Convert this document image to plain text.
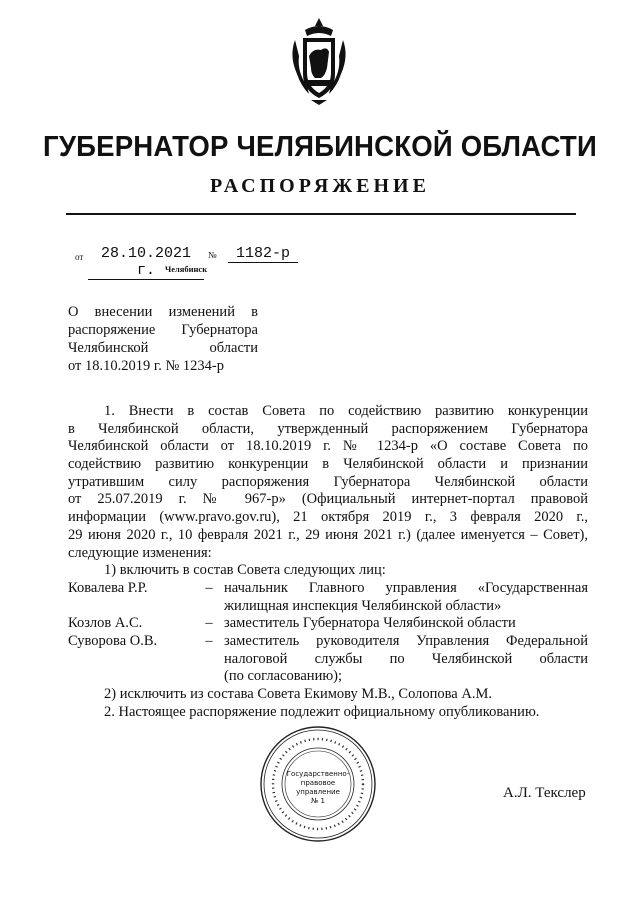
ГУБЕРНАТОР ЧЕЛЯБИНСКОЙ ОБЛАСТИ
РАСПОРЯЖЕНИЕ
от	28.10.2021 г.
№	1182-р
Челябинск
О внесении изменений в
распоряжение Губернатора
Челябинской области
от 18.10.2019 г. № 1234-р
1. Внести в состав Совета по содействию развитию конкуренции
в Челябинской области, утвержденный распоряжением Губернатора
Челябинской области от 18.10.2019 г. № 1234-р «О составе Совета по
содействию развитию конкуренции в Челябинской области и признании
утратившим силу распоряжения Губернатора Челябинской области
от 25.07.2019 г. № 967-р» (Официальный интернет-портал правовой
информации (www.pravo.gov.ru), 21 октября 2019 г., 3 февраля 2020 г.,
29 июня 2020 г., 10 февраля 2021 г., 29 июня 2021 г.) (далее именуется – Совет),
следующие изменения:
1) включить в состав Совета следующих лиц:
Ковалева Р.Р.	– начальник Главного управления «Государственная
жилищная инспекция Челябинской области»
Козлов А.С.	– заместитель Губернатора Челябинской области
Суворова О.В.	– заместитель руководителя Управления Федеральной
налоговой службы по Челябинской области
(по согласованию);
2) исключить из состава Совета Екимову М.В., Солопова А.М.
2. Настоящее распоряжение подлежит официальному опубликованию.
Государственно-
правовое
управление
№ 1	А.Л. Текслер
